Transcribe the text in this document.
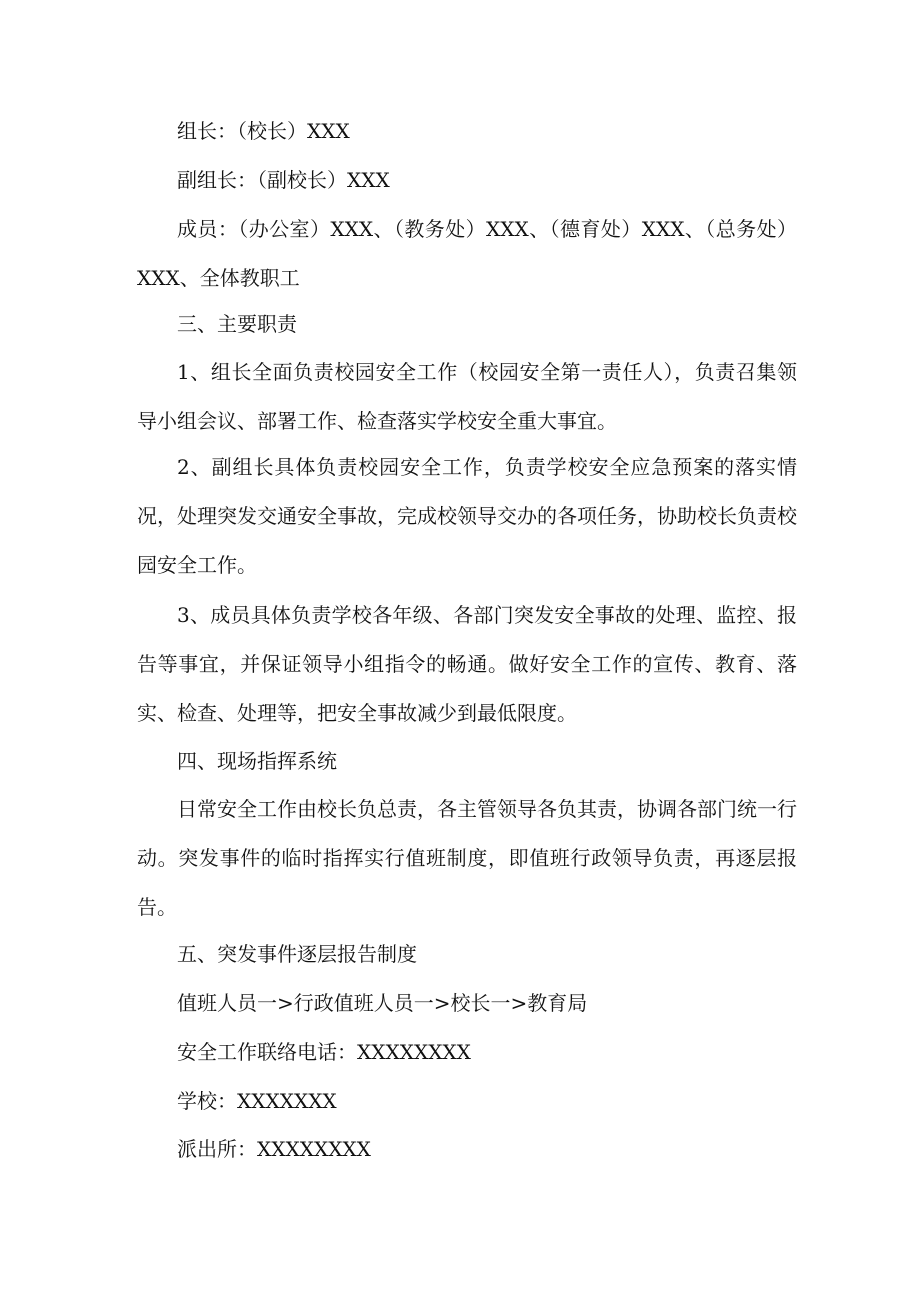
组长：（校长）XXX

副组长：（副校长）XXX

成员：（办公室）XXX、（教务处）XXX、（德育处）XXX、（总务处）XXX、全体教职工

三、主要职责

1、组长全面负责校园安全工作（校园安全第一责任人），负责召集领导小组会议、部署工作、检查落实学校安全重大事宜。

2、副组长具体负责校园安全工作，负责学校安全应急预案的落实情况，处理突发交通安全事故，完成校领导交办的各项任务，协助校长负责校园安全工作。

3、成员具体负责学校各年级、各部门突发安全事故的处理、监控、报告等事宜，并保证领导小组指令的畅通。做好安全工作的宣传、教育、落实、检查、处理等，把安全事故减少到最低限度。

四、现场指挥系统

日常安全工作由校长负总责，各主管领导各负其责，协调各部门统一行动。突发事件的临时指挥实行值班制度，即值班行政领导负责，再逐层报告。

五、突发事件逐层报告制度

值班人员一>行政值班人员一>校长一>教育局

安全工作联络电话：XXXXXXXX

学校：XXXXXXX

派出所：XXXXXXXX
